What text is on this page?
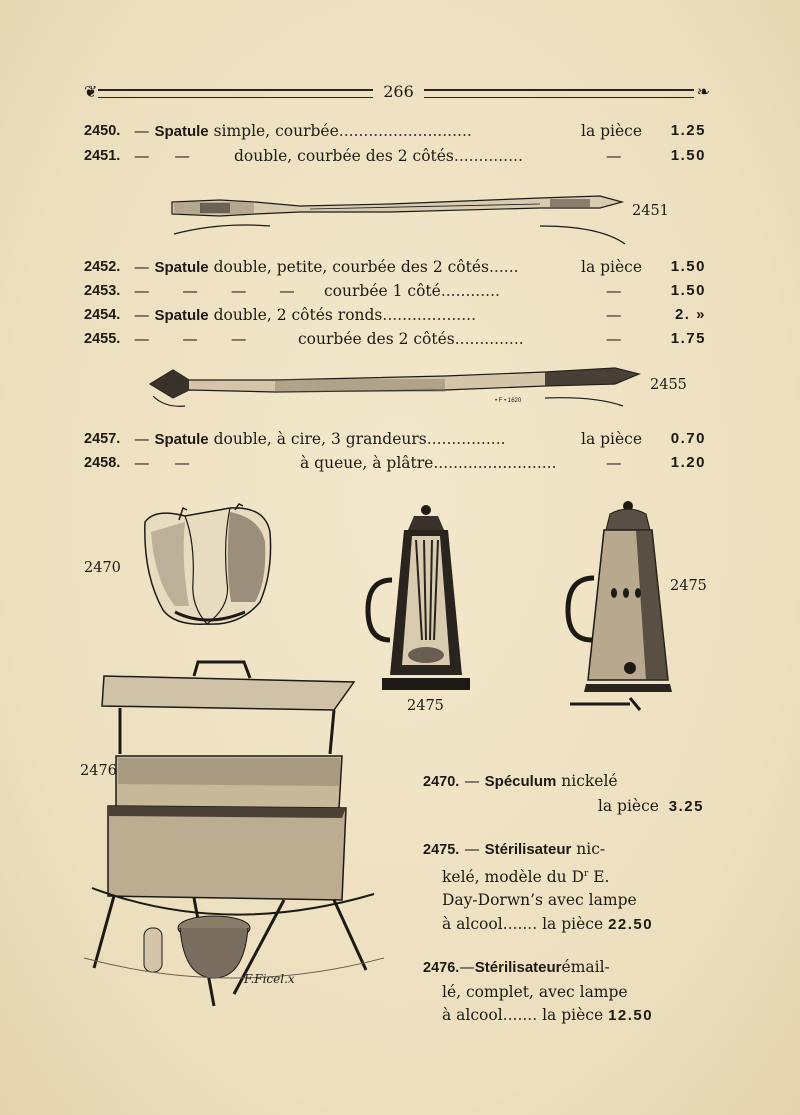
❦	266	❧
2450. — Spatule simple, courbée...........................	la pièce 1.25
2451. — —	double, courbée des 2 côtés..............	—	1.50
2451
2452. — Spatule double, petite, courbée des 2 côtés......	la pièce 1.50
2453. — — — — courbée 1 côté............	—	1.50
2454. — Spatule double, 2 côtés ronds...................	—	2. »
2455. — — —	courbée des 2 côtés..............	—	1.75
• F • 1620
2455
2457. — Spatule double, à cire, 3 grandeurs................	la pièce 0.70
2458. — —	à queue, à plâtre.........................	—	1.20
2470
2475
2475
F.Ficel.x
2476
2470. — Spéculum nickelé
la pièce 3.25
2475. — Stérilisateur nic-
kelé, modèle du $D^r$ E.
Day-Dorwn’s avec lampe
à alcool....... la pièce 22.50
2476.—Stérilisateurémail-
lé, complet, avec lampe
à alcool....... la pièce 12.50
